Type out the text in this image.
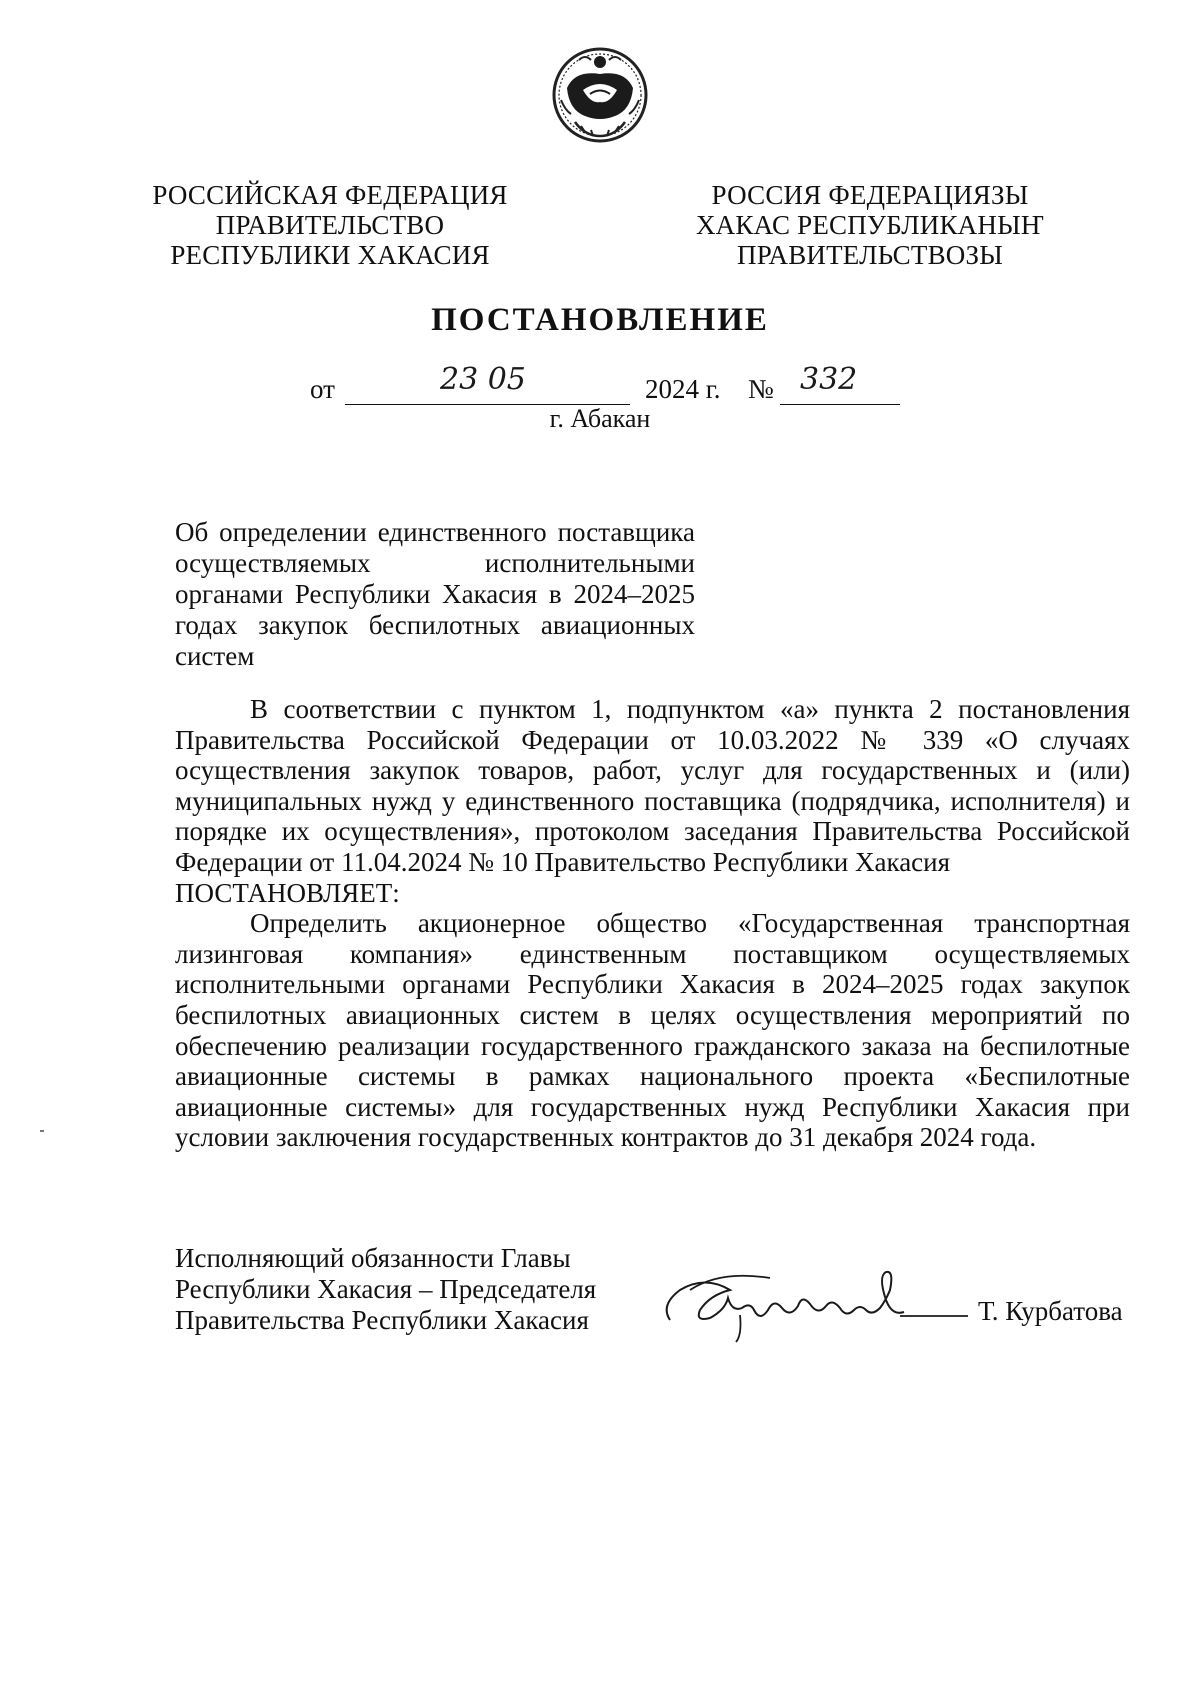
РОССИЙСКАЯ ФЕДЕРАЦИЯ
ПРАВИТЕЛЬСТВО
РЕСПУБЛИКИ ХАКАСИЯ
РОССИЯ ФЕДЕРАЦИЯЗЫ
ХАКАС РЕСПУБЛИКАНЫҤ
ПРАВИТЕЛЬСТВОЗЫ
ПОСТАНОВЛЕНИЕ
от	23 05	2024 г. № 332
г. Абакан
Об определении единственного поставщика осуществляемых исполнительными органами Республики Хакасия в 2024–2025 годах закупок беспилотных авиационных систем

В соответствии с пунктом 1, подпунктом «а» пункта 2 постановления Правительства Российской Федерации от 10.03.2022 № 339 «О случаях осуществления закупок товаров, работ, услуг для государственных и (или) муниципальных нужд у единственного поставщика (подрядчика, исполнителя) и порядке их осуществления», протоколом заседания Правительства Российской Федерации от 11.04.2024 № 10 Правительство Республики Хакасия

ПОСТАНОВЛЯЕТ:

Определить акционерное общество «Государственная транспортная лизинговая компания» единственным поставщиком осуществляемых исполнительными органами Республики Хакасия в 2024–2025 годах закупок беспилотных авиационных систем в целях осуществления мероприятий по обеспечению реализации государственного гражданского заказа на беспилотные авиационные системы в рамках национального проекта «Беспилотные авиационные системы» для государственных нужд Республики Хакасия при условии заключения государственных контрактов до 31 декабря 2024 года.

Исполняющий обязанности Главы
Республики Хакасия – Председателя
Правительства Республики Хакасия	Т. Курбатова
